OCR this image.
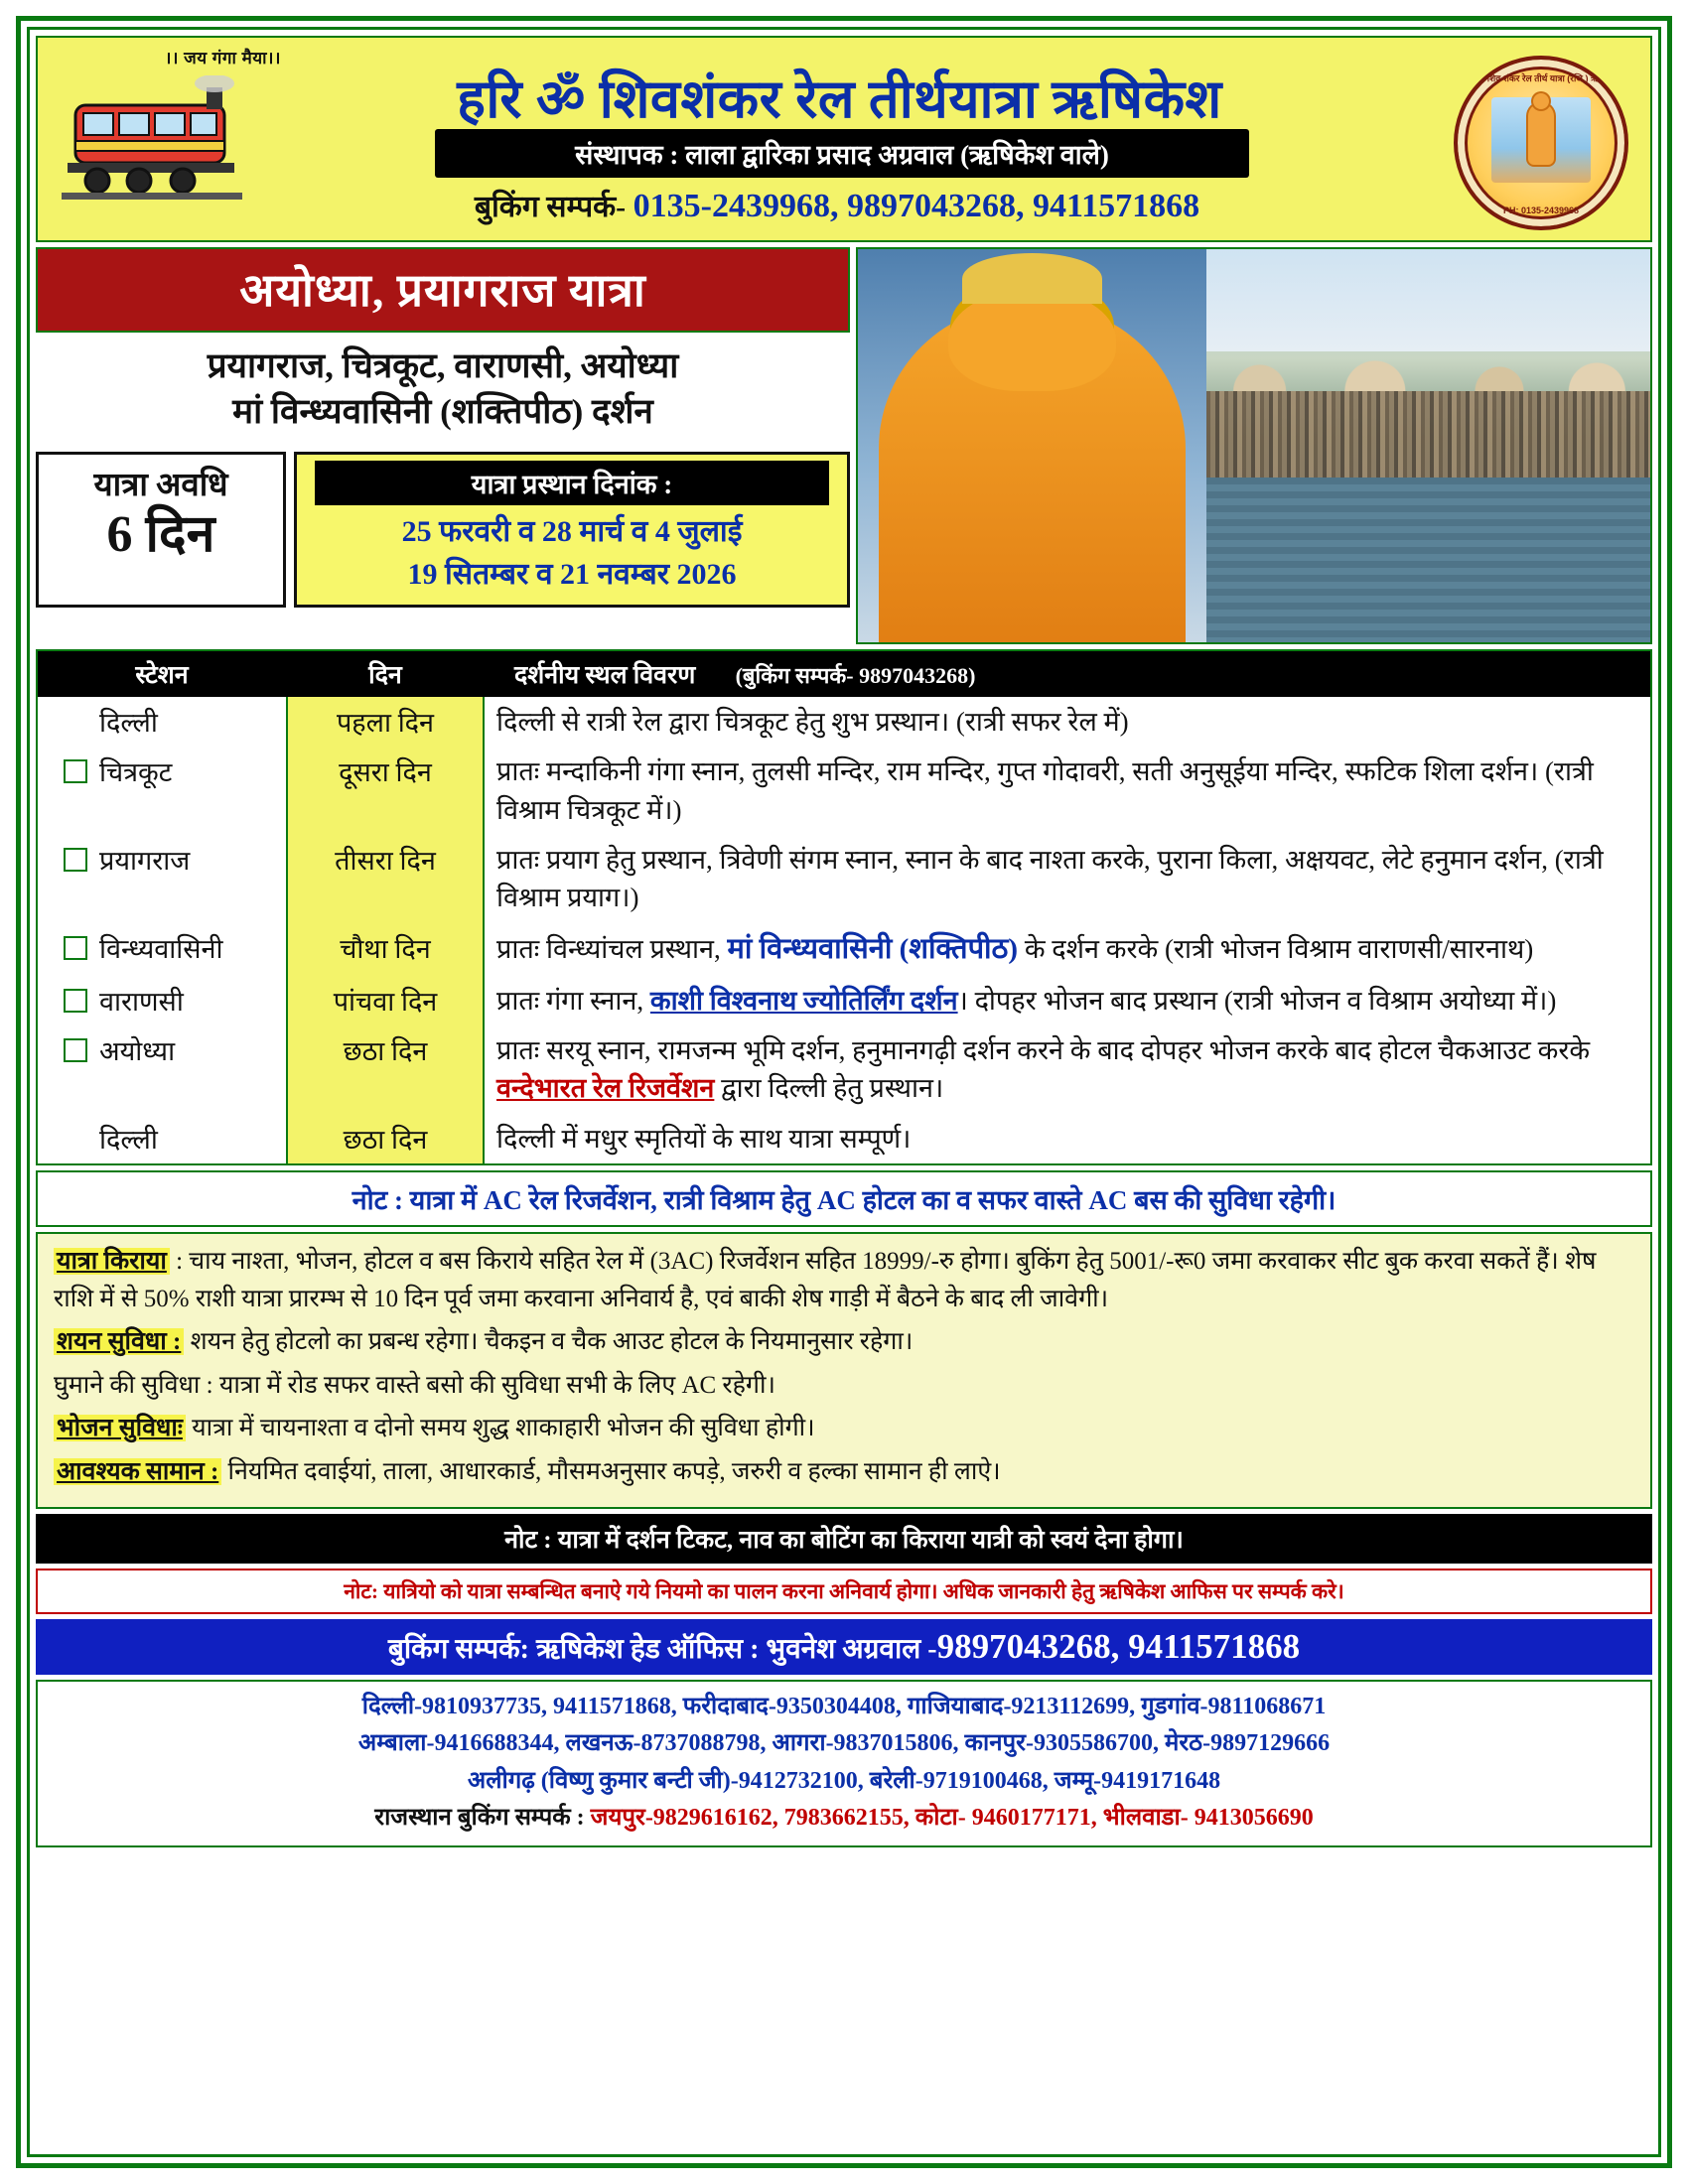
।। जय गंगा मैया।।
हरि ॐ शिवशंकर रेल तीर्थयात्रा ऋषिकेश
संस्थापक : लाला द्वारिका प्रसाद अग्रवाल (ऋषिकेश वाले)
बुकिंग सम्पर्क- 0135-2439968, 9897043268, 9411571868
हरि ॐ शिव शंकर रेल तीर्थ यात्रा (रजि.) ऋषिकेश
PH: 0135-2439968
अयोध्या, प्रयागराज यात्रा
प्रयागराज, चित्रकूट, वाराणसी, अयोध्या
मां विन्ध्यवासिनी (शक्तिपीठ) दर्शन
यात्रा अवधि
6 दिन
यात्रा प्रस्थान दिनांक :
25 फरवरी व 28 मार्च व 4 जुलाई
19 सितम्बर व 21 नवम्बर 2026
स्टेशन	दिन	दर्शनीय स्थल विवरण (बुकिंग सम्पर्क- 9897043268)
दिल्ली	पहला दिन	दिल्ली से रात्री रेल द्वारा चित्रकूट हेतु शुभ प्रस्थान। (रात्री सफर रेल में)
चित्रकूट	दूसरा दिन	प्रातः मन्दाकिनी गंगा स्नान, तुलसी मन्दिर, राम मन्दिर, गुप्त गोदावरी, सती अनुसूईया मन्दिर, स्फटिक शिला दर्शन। (रात्री विश्राम चित्रकूट में।)
प्रयागराज	तीसरा दिन	प्रातः प्रयाग हेतु प्रस्थान, त्रिवेणी संगम स्नान, स्नान के बाद नाश्ता करके, पुराना किला, अक्षयवट, लेटे हनुमान दर्शन, (रात्री विश्राम प्रयाग।)
विन्ध्यवासिनी	चौथा दिन	प्रातः विन्ध्यांचल प्रस्थान, मां विन्ध्यवासिनी (शक्तिपीठ) के दर्शन करके (रात्री भोजन विश्राम वाराणसी/सारनाथ)
वाराणसी	पांचवा दिन	प्रातः गंगा स्नान, काशी विश्वनाथ ज्योतिर्लिंग दर्शन। दोपहर भोजन बाद प्रस्थान (रात्री भोजन व विश्राम अयोध्या में।)
अयोध्या	छठा दिन	प्रातः सरयू स्नान, रामजन्म भूमि दर्शन, हनुमानगढ़ी दर्शन करने के बाद दोपहर भोजन करके बाद होटल चैकआउट करके वन्देभारत रेल रिजर्वेशन द्वारा दिल्ली हेतु प्रस्थान।
दिल्ली	छठा दिन	दिल्ली में मधुर स्मृतियों के साथ यात्रा सम्पूर्ण।
नोट : यात्रा में AC रेल रिजर्वेशन, रात्री विश्राम हेतु AC होटल का व सफर वास्ते AC बस की सुविधा रहेगी।

यात्रा किराया : चाय नाश्ता, भोजन, होटल व बस किराये सहित रेल में (3AC) रिजर्वेशन सहित 18999/-रु होगा। बुकिंग हेतु 5001/-रू0 जमा करवाकर सीट बुक करवा सकतें हैं। शेष राशि में से 50% राशी यात्रा प्रारम्भ से 10 दिन पूर्व जमा करवाना अनिवार्य है, एवं बाकी शेष गाड़ी में बैठने के बाद ली जावेगी।

शयन सुविधा : शयन हेतु होटलो का प्रबन्ध रहेगा। चैकइन व चैक आउट होटल के नियमानुसार रहेगा।

घुमाने की सुविधा : यात्रा में रोड सफर वास्ते बसो की सुविधा सभी के लिए AC रहेगी।

भोजन सुविधाः यात्रा में चायनाश्ता व दोनो समय शुद्ध शाकाहारी भोजन की सुविधा होगी।

आवश्यक सामान : नियमित दवाईयां, ताला, आधारकार्ड, मौसमअनुसार कपड़े, जरुरी व हल्का सामान ही लाऐ।

नोट : यात्रा में दर्शन टिकट, नाव का बोटिंग का किराया यात्री को स्वयं देना होगा।
नोट: यात्रियो को यात्रा सम्बन्धित बनाऐ गये नियमो का पालन करना अनिवार्य होगा। अधिक जानकारी हेतु ऋषिकेश आफिस पर सम्पर्क करे।
बुकिंग सम्पर्क: ऋषिकेश हेड ऑफिस : भुवनेश अग्रवाल -9897043268, 9411571868
दिल्ली-9810937735, 9411571868, फरीदाबाद-9350304408, गाजियाबाद-9213112699, गुडगांव-9811068671
अम्बाला-9416688344, लखनऊ-8737088798, आगरा-9837015806, कानपुर-9305586700, मेरठ-9897129666
अलीगढ़ (विष्णु कुमार बन्टी जी)-9412732100, बरेली-9719100468, जम्मू-9419171648
राजस्थान बुकिंग सम्पर्क : जयपुर-9829616162, 7983662155, कोटा- 9460177171, भीलवाडा- 9413056690
